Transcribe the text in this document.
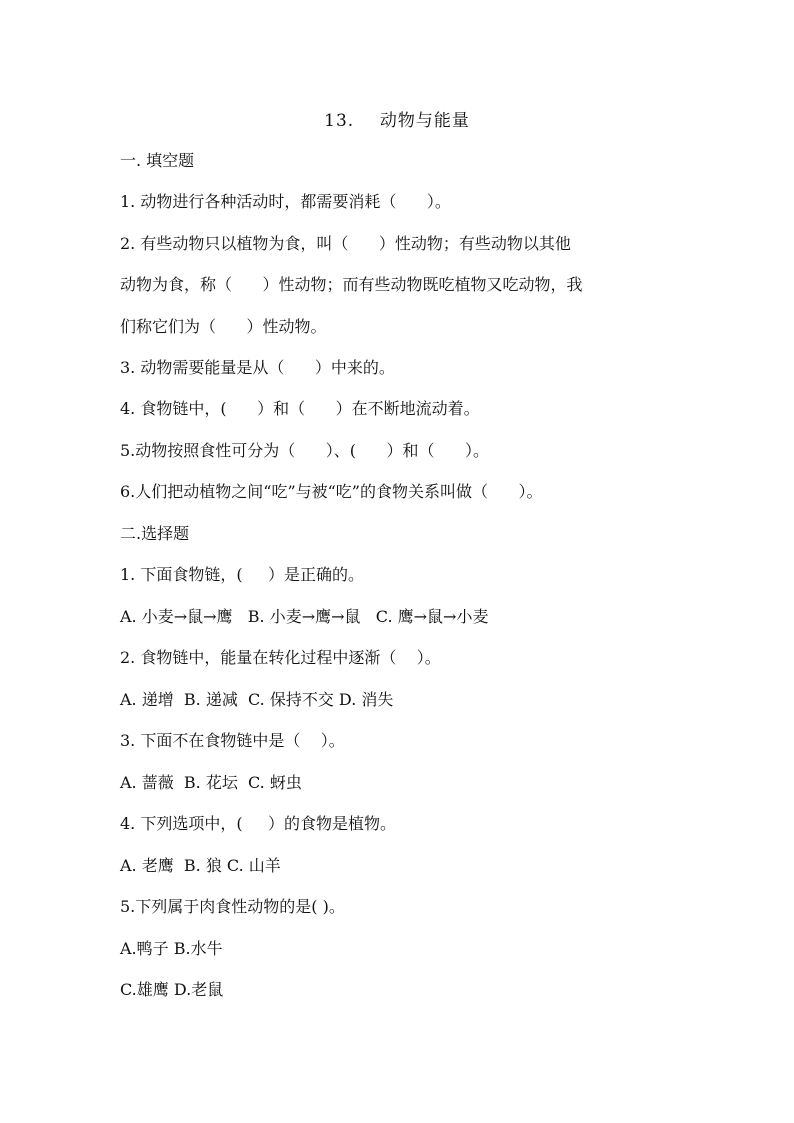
13.    动物与能量
一. 填空题
1. 动物进行各种活动时，都需要消耗（      ）。
2. 有些动物只以植物为食，叫（      ）性动物；有些动物以其他
动物为食，称（      ）性动物；而有些动物既吃植物又吃动物，我
们称它们为（      ）性动物。
3. 动物需要能量是从（      ）中来的。
4. 食物链中，(      ）和（      ）在不断地流动着。
5.动物按照食性可分为（      ）、(      ）和（      ）。
6.人们把动植物之间“吃”与被“吃”的食物关系叫做（      ）。
二.选择题
1. 下面食物链，(     ）是正确的。
A. 小麦→鼠→鹰   B. 小麦→鹰→鼠   C. 鹰→鼠→小麦
2. 食物链中，能量在转化过程中逐渐（    ）。
A. 递增  B. 递减  C. 保持不交 D. 消失
3. 下面不在食物链中是（    ）。
A. 蔷薇  B. 花坛  C. 蚜虫
4. 下列选项中，(     ）的食物是植物。
A. 老鹰  B. 狼 C. 山羊
5.下列属于肉食性动物的是( )。
A.鸭子 B.水牛
C.雄鹰 D.老鼠
